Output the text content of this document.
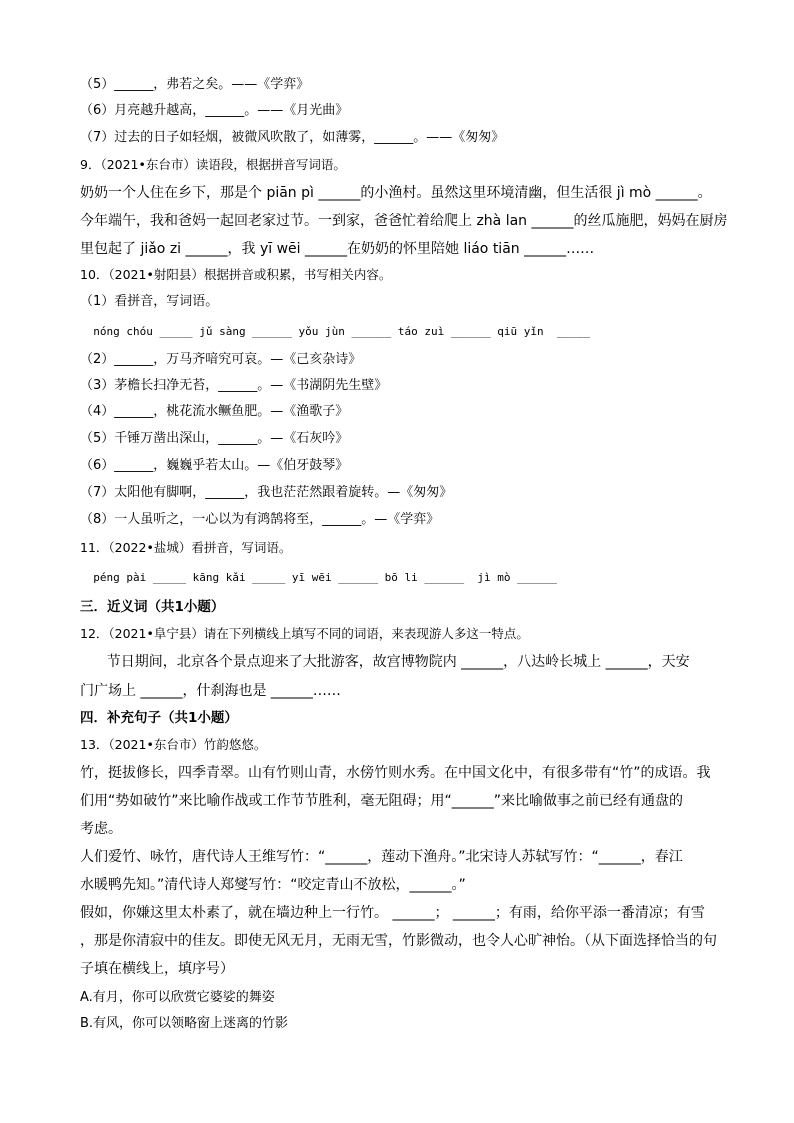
（5）______，弗若之矣。——《学弈》
（6）月亮越升越高，______。——《月光曲》
（7）过去的日子如轻烟，被微风吹散了，如薄雾，______。——《匆匆》
9．（2021•东台市）读语段，根据拼音写词语。
奶奶一个人住在乡下，那是个 piān pì ______的小渔村。虽然这里环境清幽，但生活很 jì mò ______。
今年端午，我和爸妈一起回老家过节。一到家，爸爸忙着给爬上 zhà lan ______的丝瓜施肥，妈妈在厨房
里包起了 jiǎo zi ______，我 yī wēi ______在奶奶的怀里陪她 liáo tiān ______……
10．（2021•射阳县）根据拼音或积累，书写相关内容。
（1）看拼音，写词语。
nóng chóu _____ jǔ sàng ______ yǒu jùn ______ táo zuì ______ qiū yǐn  _____
（2）______，万马齐喑究可哀。—《己亥杂诗》
（3）茅檐长扫净无苔，______。—《书湖阴先生壁》
（4）______，桃花流水鳜鱼肥。—《渔歌子》
（5）千锤万凿出深山，______。—《石灰吟》
（6）______，巍巍乎若太山。—《伯牙鼓琴》
（7）太阳他有脚啊，______，我也茫茫然跟着旋转。—《匆匆》
（8）一人虽听之，一心以为有鸿鹄将至，______。—《学弈》
11．（2022•盐城）看拼音，写词语。
péng pài _____ kāng kǎi _____ yī wēi ______ bō li ______  jì mò ______
三．近义词（共1小题）
12．（2021•阜宁县）请在下列横线上填写不同的词语，来表现游人多这一特点。
节日期间，北京各个景点迎来了大批游客，故宫博物院内 ______，八达岭长城上 ______，天安
门广场上 ______，什刹海也是 ______……
四．补充句子（共1小题）
13．（2021•东台市）竹韵悠悠。
竹，挺拔修长，四季青翠。山有竹则山青，水傍竹则水秀。在中国文化中，有很多带有“竹”的成语。我
们用“势如破竹”来比喻作战或工作节节胜利，毫无阻碍；用“______”来比喻做事之前已经有通盘的
考虑。
人们爱竹、咏竹，唐代诗人王维写竹：“______，莲动下渔舟。”北宋诗人苏轼写竹：“______，春江
水暖鸭先知。”清代诗人郑燮写竹：“咬定青山不放松，______。”
假如，你嫌这里太朴素了，就在墙边种上一行竹。 ______； ______；有雨，给你平添一番清凉；有雪
，那是你清寂中的佳友。即使无风无月，无雨无雪，竹影微动，也令人心旷神怡。（从下面选择恰当的句
子填在横线上，填序号）
A.有月，你可以欣赏它婆娑的舞姿
B.有风，你可以领略窗上迷离的竹影
